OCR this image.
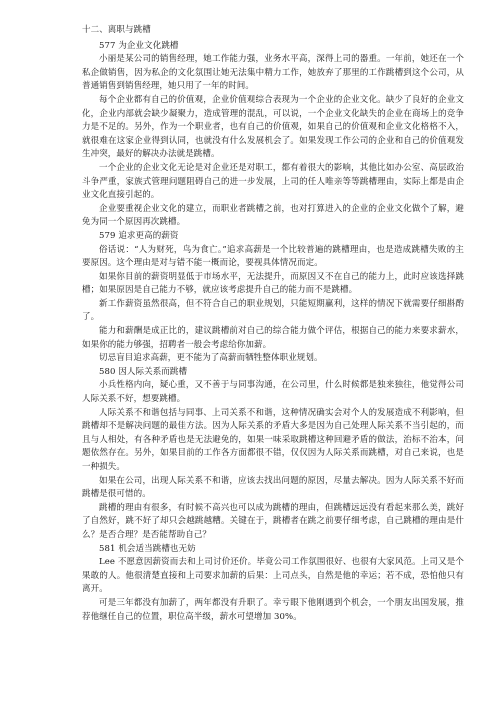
十二、离职与跳槽

577 为企业文化跳槽

小丽是某公司的销售经理，她工作能力强，业务水平高，深得上司的器重。一年前，她还在一个私企做销售，因为私企的文化氛围让她无法集中精力工作，她放弃了那里的工作跳槽到这个公司，从普通销售到销售经理，她只用了一年的时间。

每个企业都有自己的价值观，企业价值观综合表现为一个企业的企业文化。缺少了良好的企业文化，企业内部就会缺少凝聚力，造成管理的混乱，可以说，一个企业文化缺失的企业在商场上的竞争力是不足的。另外，作为一个职业者，也有自己的价值观，如果自己的价值观和企业文化格格不入，就很难在这家企业得到认同，也就没有什么发展机会了。如果发现工作公司的企业和自己的价值观发生冲突，最好的解决办法就是跳槽。

一个企业的企业文化无论是对企业还是对职工，都有着很大的影响，其他比如办公室、高层政治斗争严重，家族式管理问题阻碍自己的进一步发展，上司的任人唯亲等等跳槽理由，实际上都是由企业文化直接引起的。

企业要重视企业文化的建立，而职业者跳槽之前，也对打算进入的企业的企业文化做个了解，避免为同一个原因再次跳槽。

579 追求更高的薪资

俗话说：“人为财死，鸟为食亡。”追求高薪是一个比较普遍的跳槽理由，也是造成跳槽失败的主要原因。这个理由是对与错不能一概而论，要视具体情况而定。

如果你目前的薪资明显低于市场水平，无法提升，而原因又不在自己的能力上，此时应该选择跳槽；如果原因是自己能力不够，就应该考虑提升自己的能力而不是跳槽。

新工作薪资虽然很高，但不符合自己的职业规划，只能短期赢利，这样的情况下就需要仔细斟酌了。

能力和薪酬是成正比的，建议跳槽前对自己的综合能力做个评估，根据自己的能力来要求薪水，如果你的能力够强，招聘者一般会考虑给你加薪。

切忌盲目追求高薪，更不能为了高薪而牺牲整体职业规划。

580 因人际关系而跳槽

小兵性格内向，疑心重，又不善于与同事沟通，在公司里，什么时候都是独来独往，他觉得公司人际关系不好，想要跳槽。

人际关系不和谐包括与同事、上司关系不和谐，这种情况确实会对个人的发展造成不利影响，但跳槽却不是解决问题的最佳方法。因为人际关系的矛盾大多是因为自己处理人际关系不当引起的，而且与人相处，有各种矛盾也是无法避免的，如果一味采取跳槽这种回避矛盾的做法，治标不治本，问题依然存在。另外，如果目前的工作各方面都很不错，仅仅因为人际关系而跳槽，对自己来说，也是一种损失。

如果在公司，出现人际关系不和谐，应该去找出问题的原因，尽量去解决。因为人际关系不好而跳槽是很可惜的。

跳槽的理由有很多，有时候不高兴也可以成为跳槽的理由，但跳槽远远没有看起来那么美，跳好了自然好，跳不好了却只会越跳越糟。关键在于，跳槽者在跳之前要仔细考虑，自己跳槽的理由是什么？是否合理？是否能帮助自己？

581 机会适当跳槽也无妨

Lee 不愿意因薪资而去和上司讨价还价。毕竟公司工作氛围很好、也很有大家风范。上司又是个果敢的人。他很清楚直接和上司要求加薪的后果：上司点头，自然是他的幸运；若不成，恐怕他只有离开。

可是三年都没有加薪了，两年都没有升职了。幸亏眼下他刚遇到个机会，一个朋友出国发展，推荐他继任自己的位置，职位高半级，薪水可望增加 30%。
